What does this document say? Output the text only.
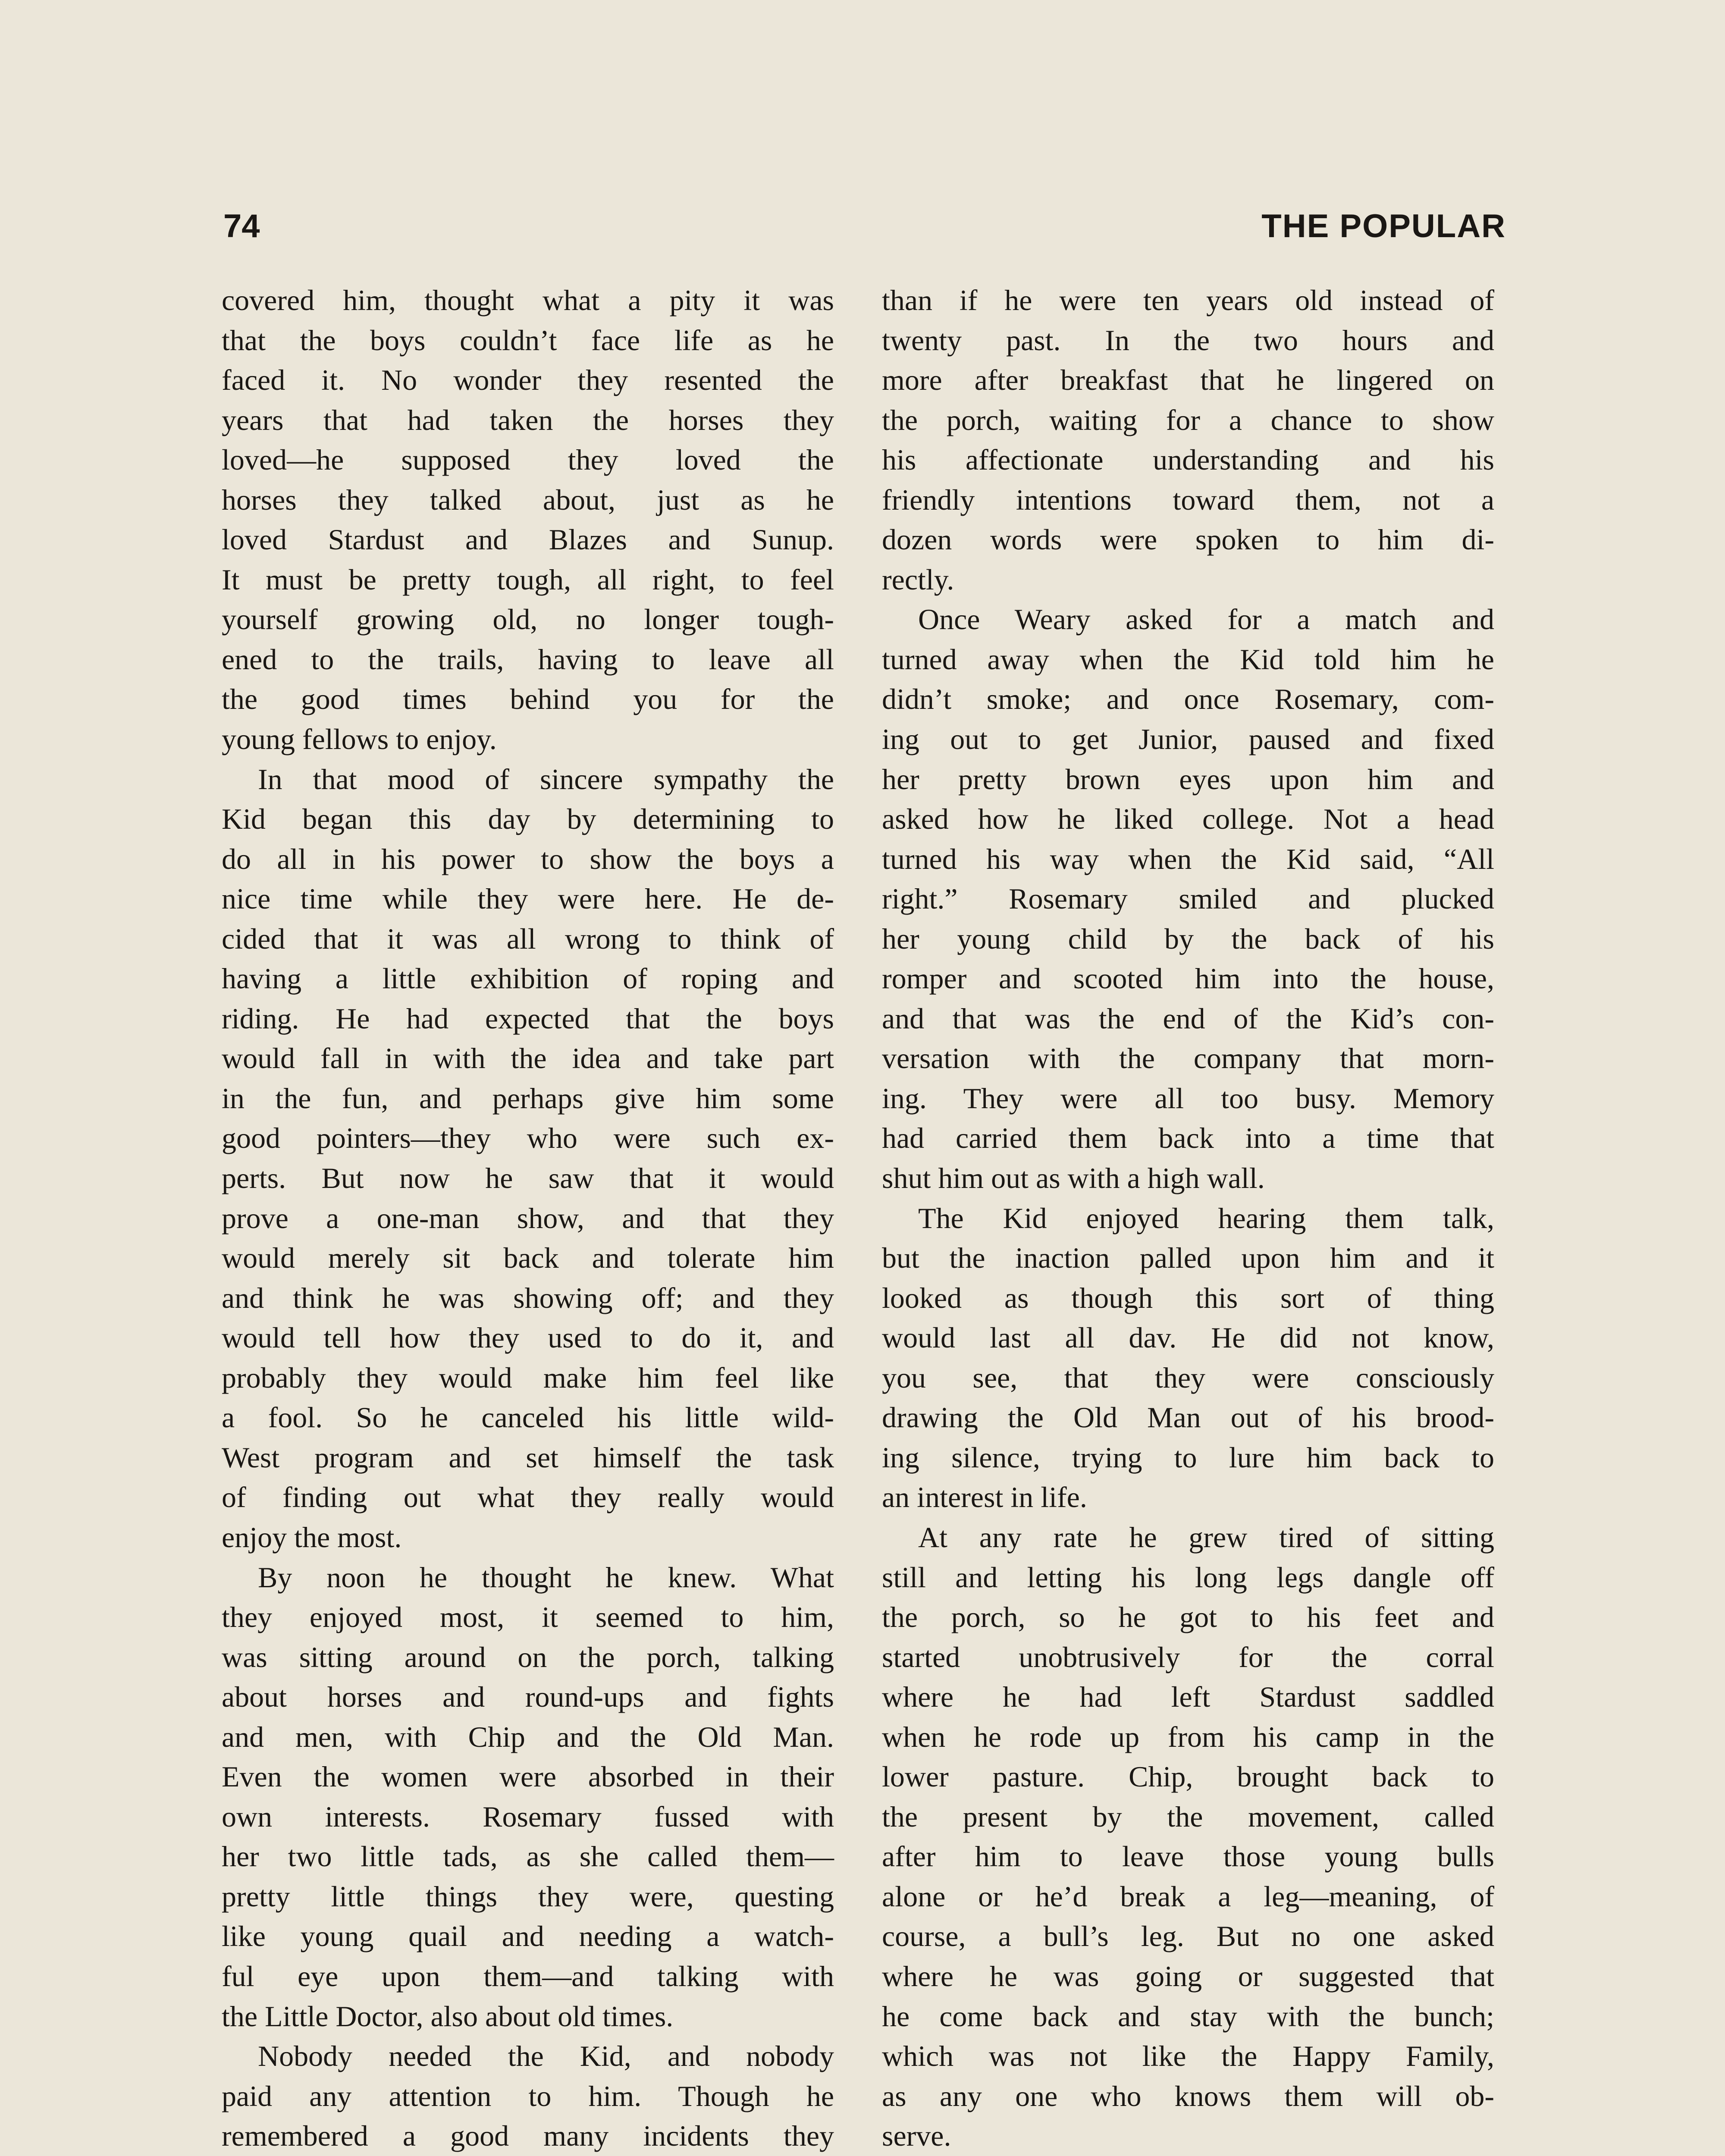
74	THE POPULAR
covered him, thought what a pity it was
that the boys couldn’t face life as he
faced it. No wonder they resented the
years that had taken the horses they
loved—he supposed they loved the
horses they talked about, just as he
loved Stardust and Blazes and Sunup.
It must be pretty tough, all right, to feel
yourself growing old, no longer tough-
ened to the trails, having to leave all
the good times behind you for the
young fellows to enjoy.
In that mood of sincere sympathy the
Kid began this day by determining to
do all in his power to show the boys a
nice time while they were here. He de-
cided that it was all wrong to think of
having a little exhibition of roping and
riding. He had expected that the boys
would fall in with the idea and take part
in the fun, and perhaps give him some
good pointers—they who were such ex-
perts. But now he saw that it would
prove a one-man show, and that they
would merely sit back and tolerate him
and think he was showing off; and they
would tell how they used to do it, and
probably they would make him feel like
a fool. So he canceled his little wild-
West program and set himself the task
of finding out what they really would
enjoy the most.
By noon he thought he knew. What
they enjoyed most, it seemed to him,
was sitting around on the porch, talking
about horses and round-ups and fights
and men, with Chip and the Old Man.
Even the women were absorbed in their
own interests. Rosemary fussed with
her two little tads, as she called them—
pretty little things they were, questing
like young quail and needing a watch-
ful eye upon them—and talking with
the Little Doctor, also about old times.
Nobody needed the Kid, and nobody
paid any attention to him. Though he
remembered a good many incidents they
than if he were ten years old instead of
twenty past. In the two hours and
more after breakfast that he lingered on
the porch, waiting for a chance to show
his affectionate understanding and his
friendly intentions toward them, not a
dozen words were spoken to him di-
rectly.
Once Weary asked for a match and
turned away when the Kid told him he
didn’t smoke; and once Rosemary, com-
ing out to get Junior, paused and fixed
her pretty brown eyes upon him and
asked how he liked college. Not a head
turned his way when the Kid said, “All
right.” Rosemary smiled and plucked
her young child by the back of his
romper and scooted him into the house,
and that was the end of the Kid’s con-
versation with the company that morn-
ing. They were all too busy. Memory
had carried them back into a time that
shut him out as with a high wall.
The Kid enjoyed hearing them talk,
but the inaction palled upon him and it
looked as though this sort of thing
would last all dav. He did not know,
you see, that they were consciously
drawing the Old Man out of his brood-
ing silence, trying to lure him back to
an interest in life.
At any rate he grew tired of sitting
still and letting his long legs dangle off
the porch, so he got to his feet and
started unobtrusively for the corral
where he had left Stardust saddled
when he rode up from his camp in the
lower pasture. Chip, brought back to
the present by the movement, called
after him to leave those young bulls
alone or he’d break a leg—meaning, of
course, a bull’s leg. But no one asked
where he was going or suggested that
he come back and stay with the bunch;
which was not like the Happy Family,
as any one who knows them will ob-
serve.
